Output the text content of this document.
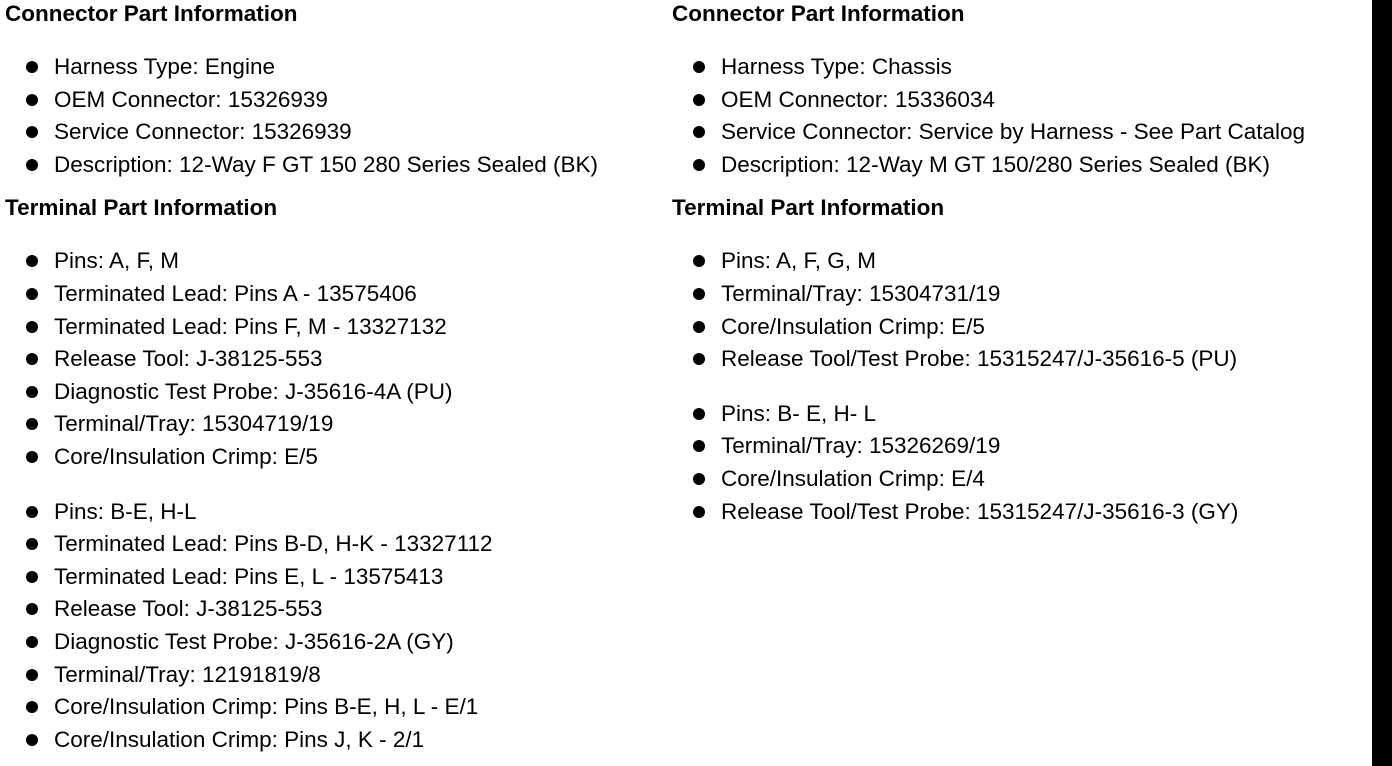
Connector Part Information
Harness Type: Engine
OEM Connector: 15326939
Service Connector: 15326939
Description: 12-Way F GT 150 280 Series Sealed (BK)
Terminal Part Information
Pins: A, F, M
Terminated Lead: Pins A - 13575406
Terminated Lead: Pins F, M - 13327132
Release Tool: J-38125-553
Diagnostic Test Probe: J-35616-4A (PU)
Terminal/Tray: 15304719/19
Core/Insulation Crimp: E/5
Pins: B-E, H-L
Terminated Lead: Pins B-D, H-K - 13327112
Terminated Lead: Pins E, L - 13575413
Release Tool: J-38125-553
Diagnostic Test Probe: J-35616-2A (GY)
Terminal/Tray: 12191819/8
Core/Insulation Crimp: Pins B-E, H, L - E/1
Core/Insulation Crimp: Pins J, K - 2/1
Connector Part Information
Harness Type: Chassis
OEM Connector: 15336034
Service Connector: Service by Harness - See Part Catalog
Description: 12-Way M GT 150/280 Series Sealed (BK)
Terminal Part Information
Pins: A, F, G, M
Terminal/Tray: 15304731/19
Core/Insulation Crimp: E/5
Release Tool/Test Probe: 15315247/J-35616-5 (PU)
Pins: B- E, H- L
Terminal/Tray: 15326269/19
Core/Insulation Crimp: E/4
Release Tool/Test Probe: 15315247/J-35616-3 (GY)
